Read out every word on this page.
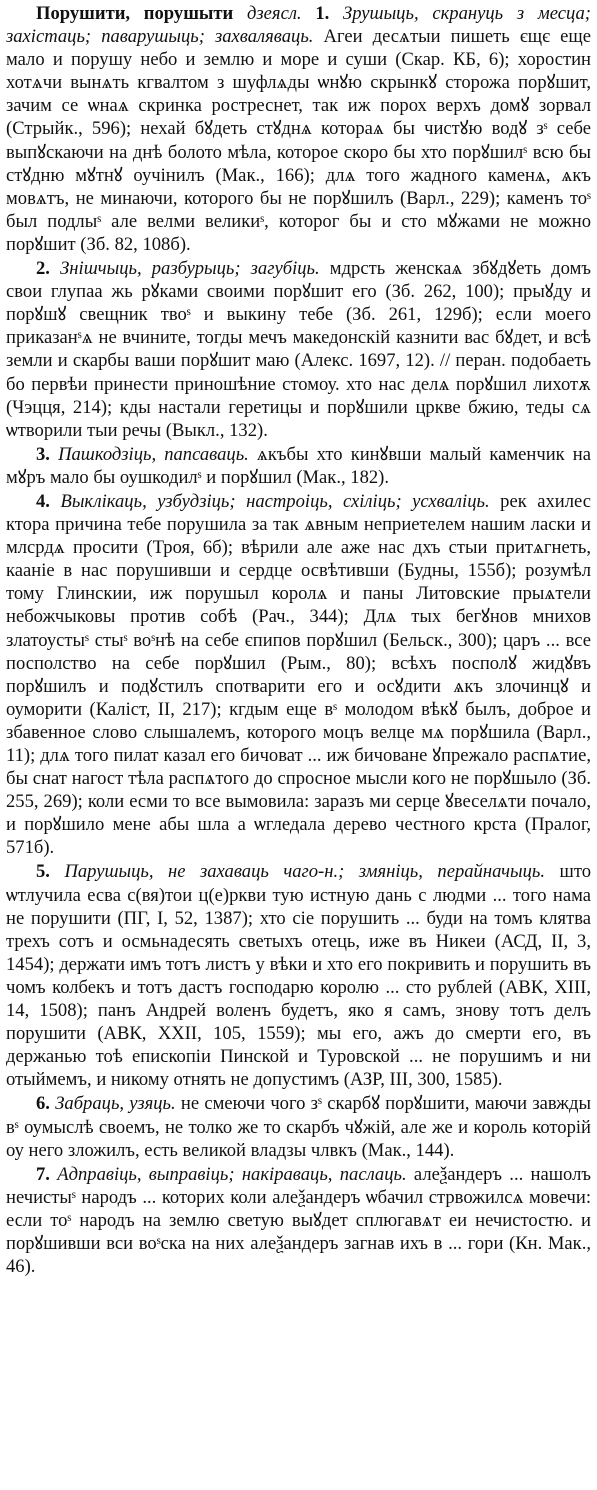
Порушити, порушыти дзеясл. 1. Зрушыць, скрануць з месца; захістаць; паварушыць; захваляваць. Агеи десѧтыи пишеть єщє еще мало и порушу небо и землю и море и суши (Скар. КБ, 6); хоростин хотѧчи вынѧть кгвалтом з шуфлѧды ѡнꙋю скрынкꙋ сторожа порꙋшит, зачим се ѡнаѧ скринка ростреснет, так иж порох верхъ домꙋ зорвал (Стрыйк., 596); нехай бꙋдеть стꙋднѧ котораѧ бы чистꙋю водꙋ зˢ себе выпꙋскаючи на днѣ болото мѣла, которое скоро бы хто порꙋшилˢ всю бы стꙋдню мꙋтнꙋ оучінилъ (Мак., 166); длѧ того жадного каменѧ, ѧкъ мовѧтъ, не минаючи, которого бы не порꙋшилъ (Варл., 229); каменъ тоˢ был подлыˢ але велми великиˢ, которог бы и сто мꙋжами не можно порꙋшит (Зб. 82, 108б).

2. Знішчыць, разбурыць; загубіць. мдрсть женскаѧ збꙋдꙋеть домъ свои глупаа жь рꙋками своими порꙋшит его (Зб. 262, 100); прыꙋду и порꙋшꙋ свещник твоˢ и выкину тебе (Зб. 261, 129б); если моего приказанˢѧ не вчините, тогды мечъ македонскій казнити вас бꙋдет, и всѣ земли и скарбы ваши порꙋшит маю (Алекс. 1697, 12). // перан. подобаеть бо первѣи принести приношѣние стомоу. хто нас делѧ порꙋшил лихотѫ (Чэцця, 214); кды настали геретицы и порꙋшили цркве бжию, теды сѧ ѡтворили тыи речы (Выкл., 132).

3. Пашкодзіць, папсаваць. ѧкъбы хто кинꙋвши малый каменчик на мꙋръ мало бы оушкодилˢ и порꙋшил (Мак., 182).

4. Выклікаць, узбудзіць; настроіць, схіліць; усхваліць. рек ахилес ктора причина тебе порушила за так ѧвным неприетелем нашим ласки и млсрдѧ просити (Троя, 6б); вѣрили але аже нас дхъ стыи притѧгнеть, кааніе в нас порушивши и сердце освѣтивши (Будны, 155б); розумѣл тому Глинскии, иж порушыл королѧ и паны Литовские прыѧтели небожчыковы против собѣ (Рач., 344); Длѧ тых бегꙋнов мнихов златоустыˢ стыˢ воˢнѣ на себе єпипов порꙋшил (Бельск., 300); царъ ... все посполство на себе порꙋшил (Рым., 80); всѣхъ посполꙋ жидꙋвъ порꙋшилъ и подꙋстилъ спотварити его и осꙋдити ѧкъ злочинцꙋ и оуморити (Каліст, II, 217); кгдым еще вˢ молодом вѣкꙋ былъ, доброе и збавенное слово слышалемъ, которого моцъ велце мѧ порꙋшила (Варл., 11); длѧ того пилат казал его бичоват ... иж бичоване ꙋпрежало распѧтие, бы снат нагост тѣла распѧтого до спросное мысли кого не порꙋшыло (Зб. 255, 269); коли есми то все вымовила: заразъ ми серце ꙋвеселѧти почало, и порꙋшило мене абы шла а ѡгледала дерево честного крста (Пралог, 571б).

5. Парушыць, не захаваць чаго-н.; змяніць, перайначыць. што ѡтлучила есва с(вя)тои ц(е)ркви тую истную дань с людми ... того нама не порушити (ПГ, I, 52, 1387); хто сіе порушить ... буди на томъ клятва трехъ сотъ и осмьнадесять светыхъ отець, иже въ Никеи (АСД, II, 3, 1454); держати имъ тотъ листъ у вѣки и хто его покривить и порушить въ чомъ колбекъ и тотъ дастъ господарю королю ... сто рублей (АВК, XIII, 14, 1508); панъ Андрей воленъ будетъ, яко я самъ, знову тотъ делъ порушити (АВК, XXII, 105, 1559); мы его, ажъ до смерти его, въ держанью тоѣ епископіи Пинской и Туровской ... не порушимъ и ни отыймемъ, и никому отнять не допустимъ (АЗР, III, 300, 1585).

6. Забраць, узяць. не смеючи чого зˢ скарбꙋ порꙋшити, маючи завжды вˢ оумыслѣ своемъ, не толко же то скарбъ чꙋжій, але же и король которій оу него зложилъ, есть великой владзы члвкъ (Мак., 144).

7. Адправіць, выправіць; накіраваць, паслаць. алеѯандеръ ... нашолъ нечистыˢ народъ ... которих коли алеѯандеръ ѡбачил стрвожилсѧ мовечи: если тоˢ народъ на землю светую выꙋдет сплюгавѧт еи нечистостю. и порꙋшивши вси воˢска на них алеѯандеръ загнав ихъ в ... гори (Кн. Мак., 46).
